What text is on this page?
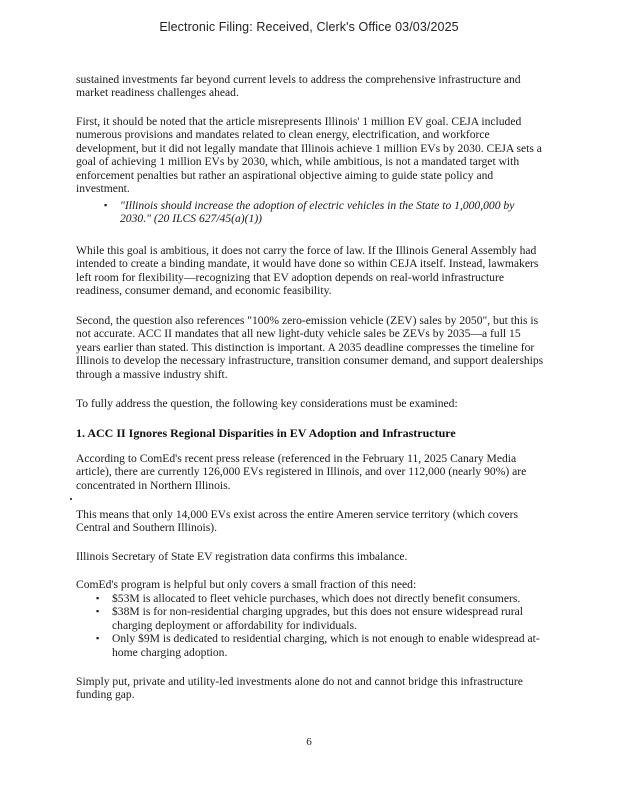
Electronic Filing: Received, Clerk's Office 03/03/2025

sustained investments far beyond current levels to address the comprehensive infrastructure and market readiness challenges ahead.

First, it should be noted that the article misrepresents Illinois' 1 million EV goal. CEJA included numerous provisions and mandates related to clean energy, electrification, and workforce development, but it did not legally mandate that Illinois achieve 1 million EVs by 2030. CEJA sets a goal of achieving 1 million EVs by 2030, which, while ambitious, is not a mandated target with enforcement penalties but rather an aspirational objective aiming to guide state policy and investment.

▪ "Illinois should increase the adoption of electric vehicles in the State to 1,000,000 by 2030." (20 ILCS 627/45(a)(1))

While this goal is ambitious, it does not carry the force of law. If the Illinois General Assembly had intended to create a binding mandate, it would have done so within CEJA itself. Instead, lawmakers left room for flexibility—recognizing that EV adoption depends on real-world infrastructure readiness, consumer demand, and economic feasibility.

Second, the question also references "100% zero-emission vehicle (ZEV) sales by 2050", but this is not accurate. ACC II mandates that all new light-duty vehicle sales be ZEVs by 2035—a full 15 years earlier than stated. This distinction is important. A 2035 deadline compresses the timeline for Illinois to develop the necessary infrastructure, transition consumer demand, and support dealerships through a massive industry shift.

To fully address the question, the following key considerations must be examined:

1. ACC II Ignores Regional Disparities in EV Adoption and Infrastructure

According to ComEd's recent press release (referenced in the February 11, 2025 Canary Media article), there are currently 126,000 EVs registered in Illinois, and over 112,000 (nearly 90%) are concentrated in Northern Illinois.

This means that only 14,000 EVs exist across the entire Ameren service territory (which covers Central and Southern Illinois).

Illinois Secretary of State EV registration data confirms this imbalance.

ComEd's program is helpful but only covers a small fraction of this need:

▪ $53M is allocated to fleet vehicle purchases, which does not directly benefit consumers.
▪ $38M is for non-residential charging upgrades, but this does not ensure widespread rural charging deployment or affordability for individuals.
▪ Only $9M is dedicated to residential charging, which is not enough to enable widespread at-home charging adoption.

Simply put, private and utility-led investments alone do not and cannot bridge this infrastructure funding gap.

6
